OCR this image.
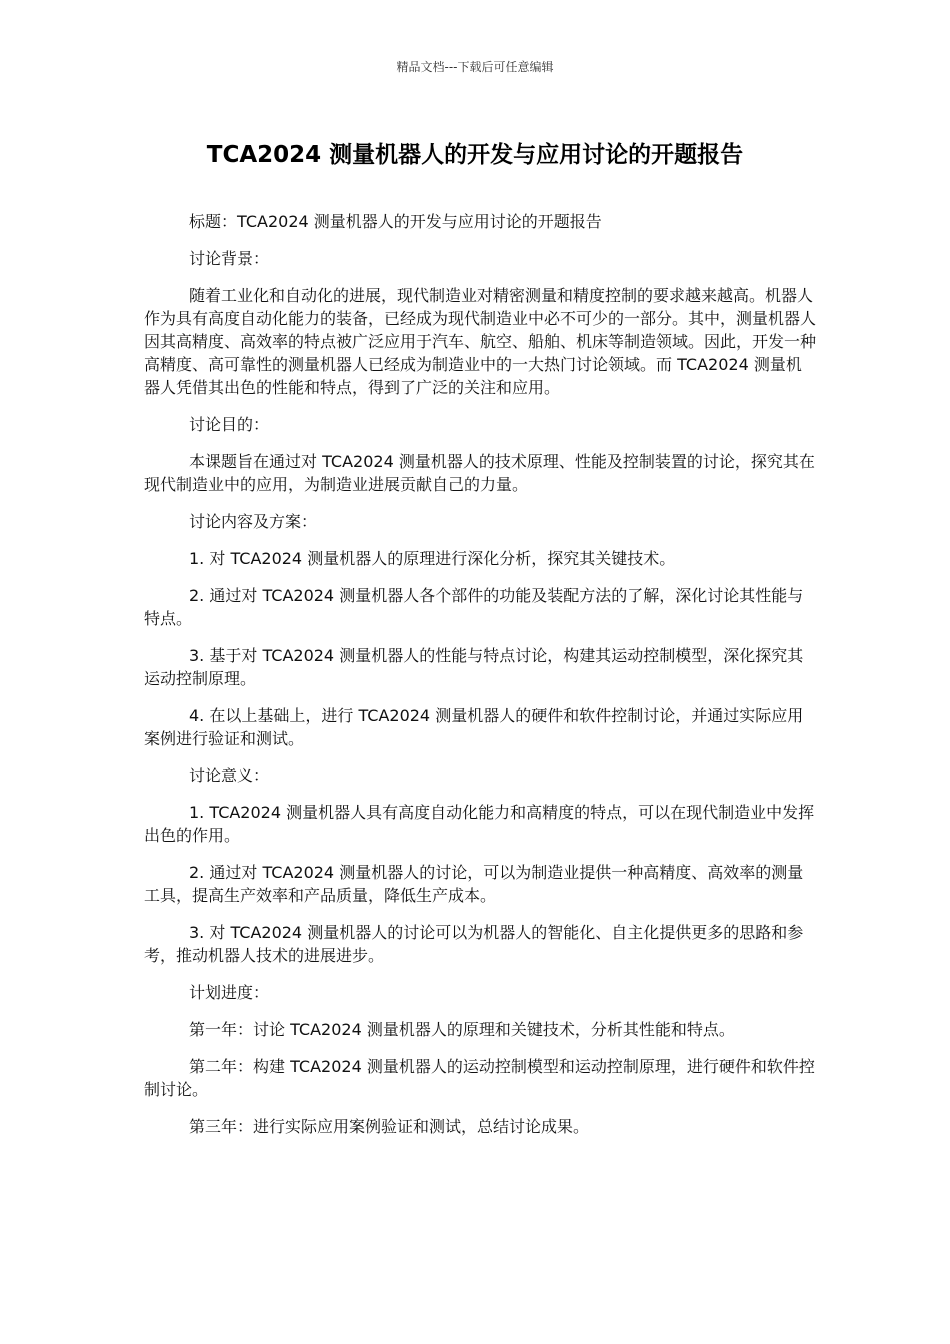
精品文档---下载后可任意编辑
TCA2024 测量机器人的开发与应用讨论的开题报告

标题：TCA2024 测量机器人的开发与应用讨论的开题报告

讨论背景：

随着工业化和自动化的进展，现代制造业对精密测量和精度控制的要求越来越高。机器人作为具有高度自动化能力的装备，已经成为现代制造业中必不可少的一部分。其中，测量机器人因其高精度、高效率的特点被广泛应用于汽车、航空、船舶、机床等制造领域。因此，开发一种高精度、高可靠性的测量机器人已经成为制造业中的一大热门讨论领域。而 TCA2024 测量机器人凭借其出色的性能和特点，得到了广泛的关注和应用。

讨论目的：

本课题旨在通过对 TCA2024 测量机器人的技术原理、性能及控制装置的讨论，探究其在现代制造业中的应用，为制造业进展贡献自己的力量。

讨论内容及方案：

1. 对 TCA2024 测量机器人的原理进行深化分析，探究其关键技术。

2. 通过对 TCA2024 测量机器人各个部件的功能及装配方法的了解，深化讨论其性能与特点。

3. 基于对 TCA2024 测量机器人的性能与特点讨论，构建其运动控制模型，深化探究其运动控制原理。

4. 在以上基础上，进行 TCA2024 测量机器人的硬件和软件控制讨论，并通过实际应用案例进行验证和测试。

讨论意义：

1. TCA2024 测量机器人具有高度自动化能力和高精度的特点，可以在现代制造业中发挥出色的作用。

2. 通过对 TCA2024 测量机器人的讨论，可以为制造业提供一种高精度、高效率的测量工具，提高生产效率和产品质量，降低生产成本。

3. 对 TCA2024 测量机器人的讨论可以为机器人的智能化、自主化提供更多的思路和参考，推动机器人技术的进展进步。

计划进度：

第一年：讨论 TCA2024 测量机器人的原理和关键技术，分析其性能和特点。

第二年：构建 TCA2024 测量机器人的运动控制模型和运动控制原理，进行硬件和软件控制讨论。

第三年：进行实际应用案例验证和测试，总结讨论成果。
